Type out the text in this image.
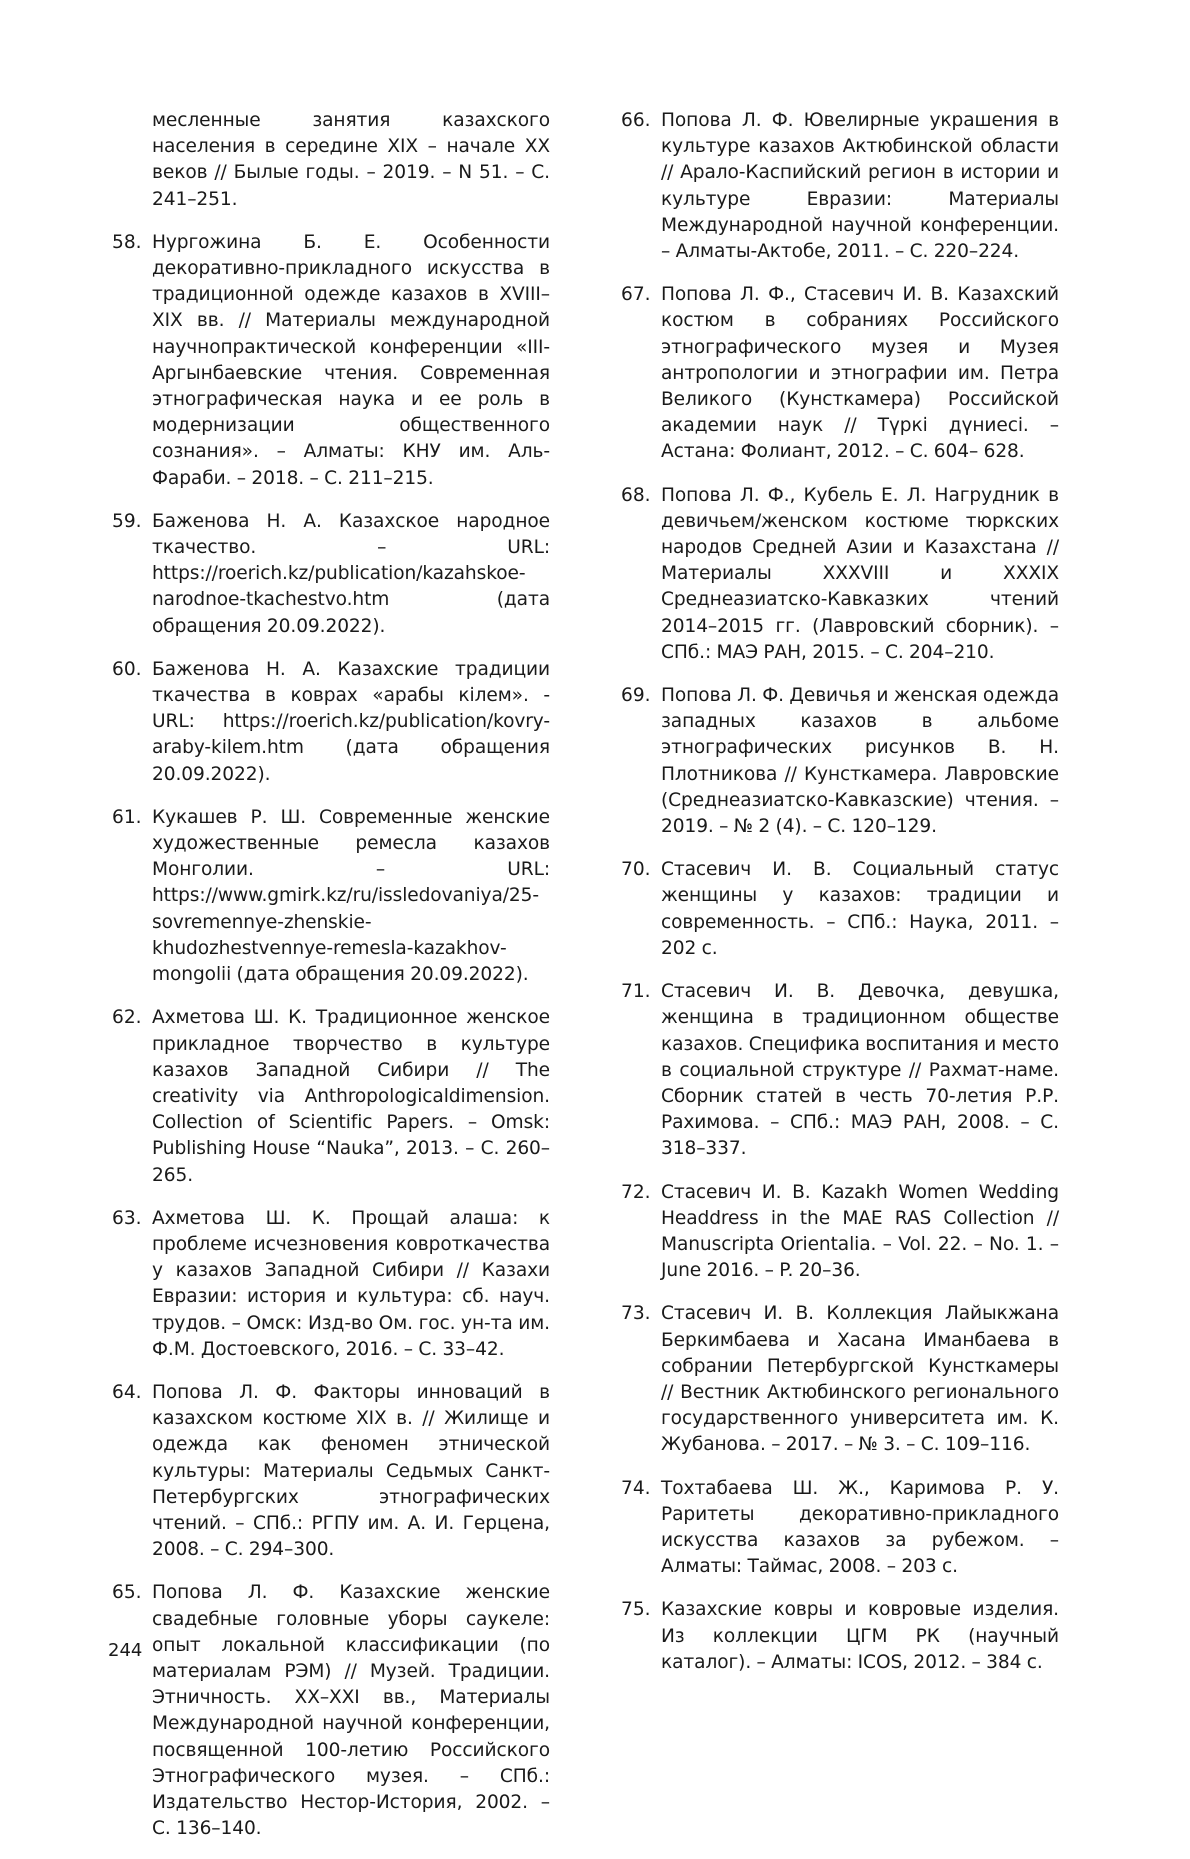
месленные занятия казахского населения в середине XIX – начале XX веков // Былые годы. – 2019. – N 51. – С. 241–251.
58. Нургожина Б. Е. Особенности декоративно-прикладного искусства в традиционной одежде казахов в XVIII–XIX вв. // Материалы международной научнопрактической конференции «III-Аргынбаевские чтения. Современная этнографическая наука и ее роль в модернизации общественного сознания». – Алматы: КНУ им. Аль-Фараби. – 2018. – С. 211–215.
59. Баженова Н. А. Казахское народное ткачество. – URL: https://roerich.kz/publication/kazahskoe-narodnoe-tkachestvo.htm (дата обращения 20.09.2022).
60. Баженова Н. А. Казахские традиции ткачества в коврах «арабы кілем». - URL: https://roerich.kz/publication/kovry-araby-kilem.htm (дата обращения 20.09.2022).
61. Кукашев Р. Ш. Современные женские художественные ремесла казахов Монголии. – URL: https://www.gmirk.kz/ru/issledovaniya/25-sovremennye-zhenskie-khudozhestvennye-remesla-kazakhov-mongolii (дата обращения 20.09.2022).
62. Ахметова Ш. К. Традиционное женское прикладное творчество в культуре казахов Западной Сибири // The creativity via Anthropologicaldimension. Collection of Scientific Papers. – Omsk: Publishing House “Nauka”, 2013. – С. 260–265.
63. Ахметова Ш. К. Прощай алаша: к проблеме исчезновения ковроткачества у казахов Западной Сибири // Казахи Евразии: история и культура: сб. науч. трудов. – Омск: Изд-во Ом. гос. ун-та им. Ф.М. Достоевского, 2016. – С. 33–42.
64. Попова Л. Ф. Факторы инноваций в казахском костюме XIX в. // Жилище и одежда как феномен этнической культуры: Материалы Седьмых Санкт-Петербургских этнографических чтений. – СПб.: РГПУ им. А. И. Герцена, 2008. – С. 294–300.
65. Попова Л. Ф. Казахские женские свадебные головные уборы саукеле: опыт локальной классификации (по материалам РЭМ) // Музей. Традиции. Этничность. XX–XXI вв., Материалы Международной научной конференции, посвященной 100-летию Российского Этнографического музея. – СПб.: Издательство Нестор-История, 2002. – С. 136–140.
66. Попова Л. Ф. Ювелирные украшения в культуре казахов Актюбинской области // Арало-Каспийский регион в истории и культуре Евразии: Материалы Международной научной конференции. – Алматы-Актобе, 2011. – С. 220–224.
67. Попова Л. Ф., Стасевич И. В. Казахский костюм в собраниях Российского этнографического музея и Музея антропологии и этнографии им. Петра Великого (Кунсткамера) Российской академии наук // Түркі дүниесі. – Астана: Фолиант, 2012. – С. 604– 628.
68. Попова Л. Ф., Кубель Е. Л. Нагрудник в девичьем/женском костюме тюркских народов Средней Азии и Казахстана // Материалы XXXVIII и XXXIX Среднеазиатско-Кавказких чтений 2014–2015 гг. (Лавровский сборник). – СПб.: МАЭ РАН, 2015. – С. 204–210.
69. Попова Л. Ф. Девичья и женская одежда западных казахов в альбоме этнографических рисунков В. Н. Плотникова // Кунсткамера. Лавровские (Среднеазиатско-Кавказские) чтения. – 2019. – № 2 (4). – С. 120–129.
70. Стасевич И. В. Социальный статус женщины у казахов: традиции и современность. – СПб.: Наука, 2011. – 202 с.
71. Стасевич И. В. Девочка, девушка, женщина в традиционном обществе казахов. Специфика воспитания и место в социальной структуре // Рахмат-наме. Сборник статей в честь 70-летия Р.Р. Рахимова. – СПб.: МАЭ РАН, 2008. – С. 318–337.
72. Стасевич И. В. Kazakh Women Wedding Headdress in the MAE RAS Collection // Manuscripta Orientalia. – Vol. 22. – No. 1. – June 2016. – P. 20–36.
73. Стасевич И. В. Коллекция Лайыкжана Беркимбаева и Хасана Иманбаева в собрании Петербургской Кунсткамеры // Вестник Актюбинского регионального государственного университета им. К. Жубанова. – 2017. – № 3. – С. 109–116.
74. Тохтабаева Ш. Ж., Каримова Р. У. Раритеты декоративно-прикладного искусства казахов за рубежом. – Алматы: Таймас, 2008. – 203 с.
75. Казахские ковры и ковровые изделия. Из коллекции ЦГМ РК (научный каталог). – Алматы: ICOS, 2012. – 384 с.
244
